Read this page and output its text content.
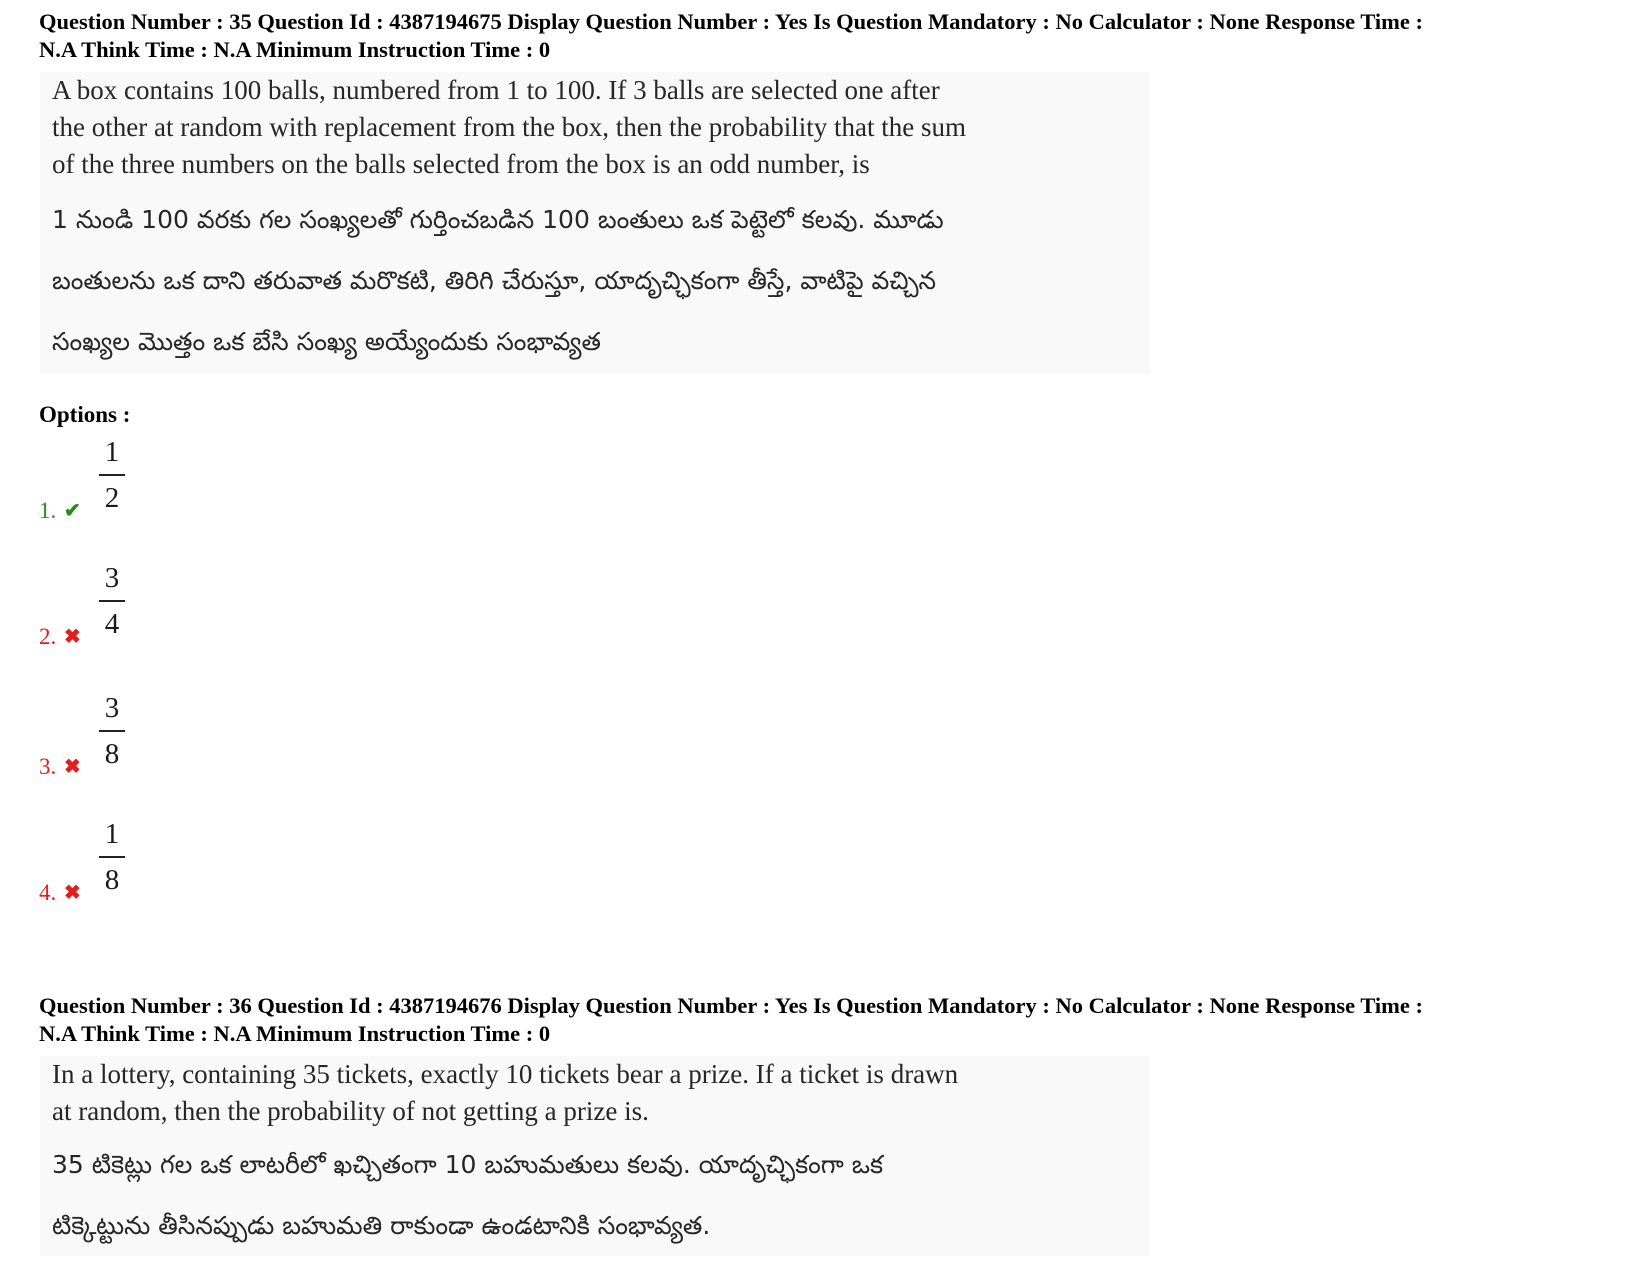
Question Number : 35 Question Id : 4387194675 Display Question Number : Yes Is Question Mandatory : No Calculator : None Response Time :
N.A Think Time : N.A Minimum Instruction Time : 0
A box contains 100 balls, numbered from 1 to 100. If 3 balls are selected one after
the other at random with replacement from the box, then the probability that the sum
of the three numbers on the balls selected from the box is an odd number, is
1 నుండి 100 వరకు గల సంఖ్యలతో గుర్తించబడిన 100 బంతులు ఒక పెట్టెలో కలవు. మూడు
బంతులను ఒక దాని తరువాత మరొకటి, తిరిగి చేరుస్తూ, యాదృచ్ఛికంగా తీస్తే, వాటిపై వచ్చిన
సంఖ్యల మొత్తం ఒక బేసి సంఖ్య అయ్యేందుకు సంభావ్యత
Options :
1. ✔
1
2
2. ✖
3
4
3. ✖
3
8
4. ✖
1
8
Question Number : 36 Question Id : 4387194676 Display Question Number : Yes Is Question Mandatory : No Calculator : None Response Time :
N.A Think Time : N.A Minimum Instruction Time : 0
In a lottery, containing 35 tickets, exactly 10 tickets bear a prize. If a ticket is drawn
at random, then the probability of not getting a prize is.
35 టికెట్లు గల ఒక లాటరీలో ఖచ్చితంగా 10 బహుమతులు కలవు. యాదృచ్ఛికంగా ఒక
టిక్కెట్టును తీసినప్పుడు బహుమతి రాకుండా ఉండటానికి సంభావ్యత.
